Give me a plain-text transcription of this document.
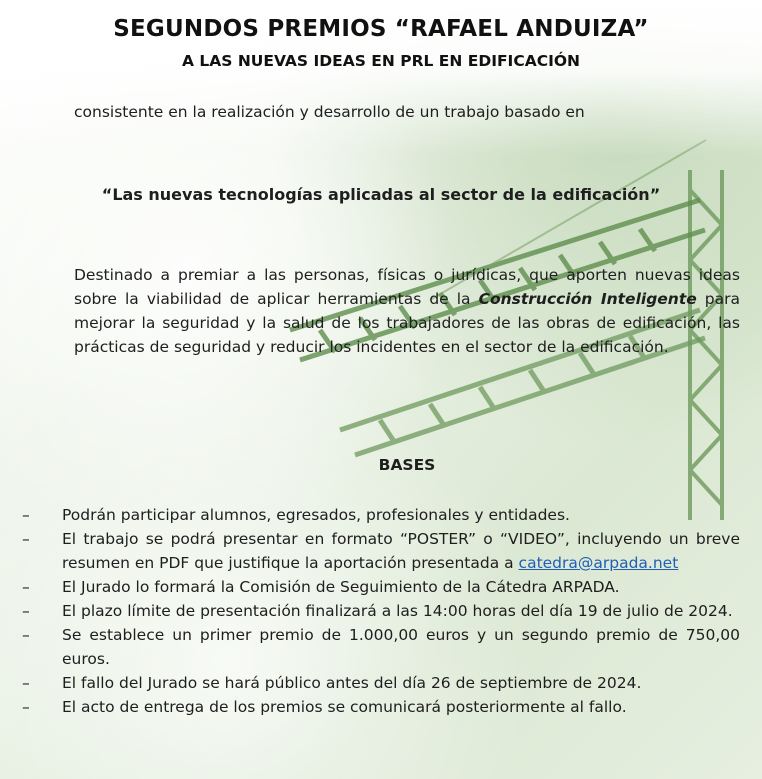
SEGUNDOS PREMIOS “RAFAEL ANDUIZA”
A LAS NUEVAS IDEAS EN PRL EN EDIFICACIÓN
consistente en la realización y desarrollo de un trabajo basado en
“Las nuevas tecnologías aplicadas al sector de la edificación”
Destinado a premiar a las personas, físicas o jurídicas, que aporten nuevas ideas sobre la viabilidad de aplicar herramientas de la Construcción Inteligente para mejorar la seguridad y la salud de los trabajadores de las obras de edificación, las prácticas de seguridad y reducir los incidentes en el sector de la edificación.
BASES
– Podrán participar alumnos, egresados, profesionales y entidades.
– El trabajo se podrá presentar en formato “POSTER” o “VIDEO”, incluyendo un breve resumen en PDF que justifique la aportación presentada a catedra@arpada.net
– El Jurado lo formará la Comisión de Seguimiento de la Cátedra ARPADA.
– El plazo límite de presentación finalizará a las 14:00 horas del día 19 de julio de 2024.
– Se establece un primer premio de 1.000,00 euros y un segundo premio de 750,00 euros.
– El fallo del Jurado se hará público antes del día 26 de septiembre de 2024.
– El acto de entrega de los premios se comunicará posteriormente al fallo.
